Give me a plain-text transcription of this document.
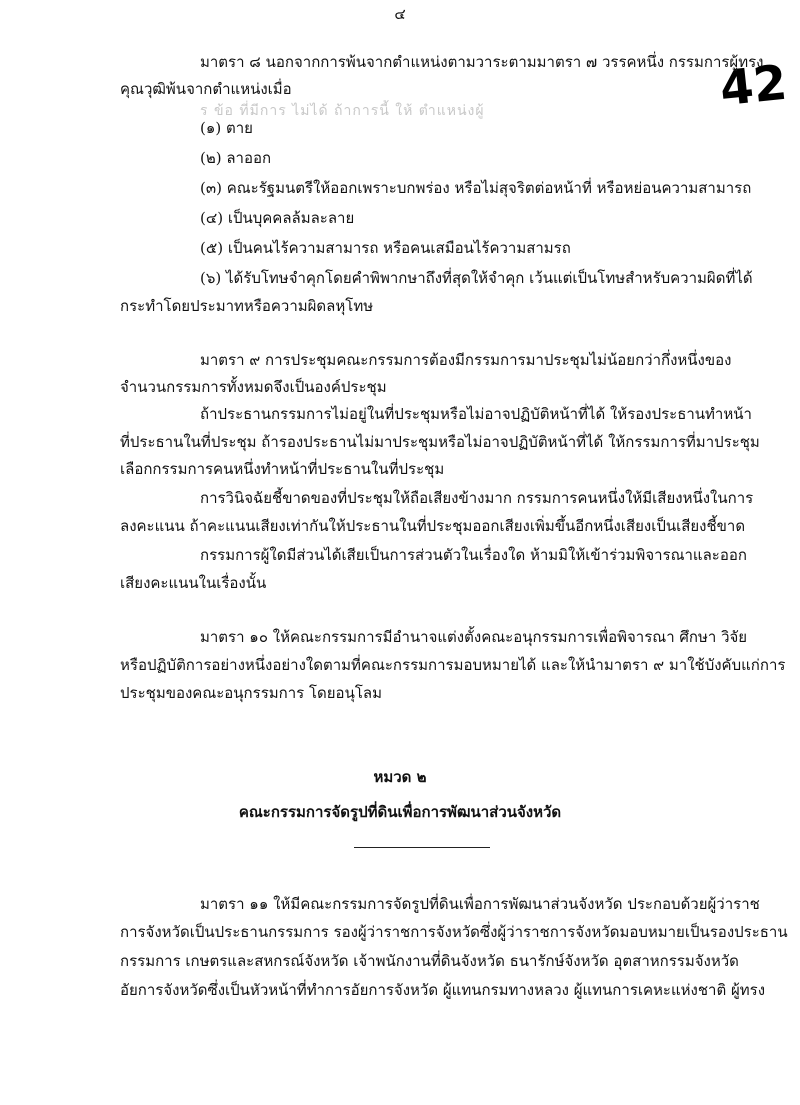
๔
42
ร ข้อ ที่มีการ ไม่ได้ ถ้าการนี้ ให้ ตำแหน่งผู้
มาตรา ๘ นอกจากการพ้นจากตำแหน่งตามวาระตามมาตรา ๗ วรรคหนึ่ง กรรมการผู้ทรง
คุณวุฒิพ้นจากตำแหน่งเมื่อ
(๑) ตาย
(๒) ลาออก
(๓) คณะรัฐมนตรีให้ออกเพราะบกพร่อง หรือไม่สุจริตต่อหน้าที่ หรือหย่อนความสามารถ
(๔) เป็นบุคคลล้มละลาย
(๕) เป็นคนไร้ความสามารถ หรือคนเสมือนไร้ความสามรถ
(๖) ได้รับโทษจำคุกโดยคำพิพากษาถึงที่สุดให้จำคุก เว้นแต่เป็นโทษสำหรับความผิดที่ได้
กระทำโดยประมาทหรือความผิดลหุโทษ
มาตรา ๙ การประชุมคณะกรรมการต้องมีกรรมการมาประชุมไม่น้อยกว่ากึ่งหนึ่งของ
จำนวนกรรมการทั้งหมดจึงเป็นองค์ประชุม
ถ้าประธานกรรมการไม่อยู่ในที่ประชุมหรือไม่อาจปฏิบัติหน้าที่ได้ ให้รองประธานทำหน้า
ที่ประธานในที่ประชุม ถ้ารองประธานไม่มาประชุมหรือไม่อาจปฏิบัติหน้าที่ได้ ให้กรรมการที่มาประชุม
เลือกกรรมการคนหนึ่งทำหน้าที่ประธานในที่ประชุม
การวินิจฉัยชี้ขาดของที่ประชุมให้ถือเสียงข้างมาก กรรมการคนหนึ่งให้มีเสียงหนึ่งในการ
ลงคะแนน ถ้าคะแนนเสียงเท่ากันให้ประธานในที่ประชุมออกเสียงเพิ่มขึ้นอีกหนึ่งเสียงเป็นเสียงชี้ขาด
กรรมการผู้ใดมีส่วนได้เสียเป็นการส่วนตัวในเรื่องใด ห้ามมิให้เข้าร่วมพิจารณาและออก
เสียงคะแนนในเรื่องนั้น
มาตรา ๑๐ ให้คณะกรรมการมีอำนาจแต่งตั้งคณะอนุกรรมการเพื่อพิจารณา ศึกษา วิจัย
หรือปฏิบัติการอย่างหนึ่งอย่างใดตามที่คณะกรรมการมอบหมายได้ และให้นำมาตรา ๙ มาใช้บังคับแก่การ
ประชุมของคณะอนุกรรมการ โดยอนุโลม
หมวด ๒
คณะกรรมการจัดรูปที่ดินเพื่อการพัฒนาส่วนจังหวัด
มาตรา ๑๑ ให้มีคณะกรรมการจัดรูปที่ดินเพื่อการพัฒนาส่วนจังหวัด ประกอบด้วยผู้ว่าราช
การจังหวัดเป็นประธานกรรมการ รองผู้ว่าราชการจังหวัดซึ่งผู้ว่าราชการจังหวัดมอบหมายเป็นรองประธาน
กรรมการ เกษตรและสหกรณ์จังหวัด เจ้าพนักงานที่ดินจังหวัด ธนารักษ์จังหวัด อุตสาหกรรมจังหวัด
อัยการจังหวัดซึ่งเป็นหัวหน้าที่ทำการอัยการจังหวัด ผู้แทนกรมทางหลวง ผู้แทนการเคหะแห่งชาติ ผู้ทรง
